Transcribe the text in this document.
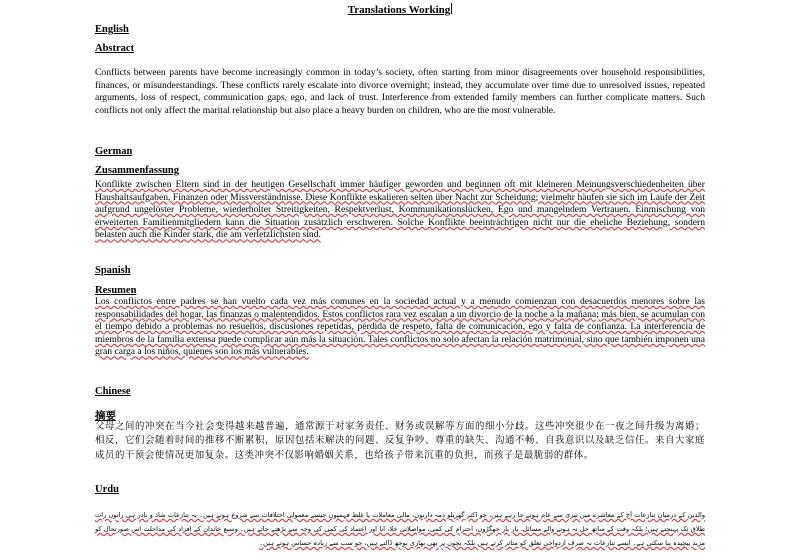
Translations Working
English
Abstract
Conflicts between parents have become increasingly common in today’s society, often starting from minor disagreements over household responsibilities, finances, or misunderstandings. These conflicts rarely escalate into divorce overnight; instead, they accumulate over time due to unresolved issues, repeated arguments, loss of respect, communication gaps, ego, and lack of trust. Interference from extended family members can further complicate matters. Such conflicts not only affect the marital relationship but also place a heavy burden on children, who are the most vulnerable.
German
Zusammenfassung
Konflikte zwischen Eltern sind in der heutigen Gesellschaft immer häufiger geworden und beginnen oft mit kleineren Meinungsverschiedenheiten über Haushaltsaufgaben, Finanzen oder Missverständnisse. Diese Konflikte eskalieren selten über Nacht zur Scheidung; vielmehr häufen sie sich im Laufe der Zeit aufgrund ungelöster Probleme, wiederholter Streitigkeiten, Respektverlust, Kommunikationslücken, Ego und mangelndem Vertrauen. Einmischung von erweiterten Familienmitgliedern kann die Situation zusätzlich erschweren. Solche Konflikte beeinträchtigen nicht nur die eheliche Beziehung, sondern belasten auch die Kinder stark, die am verletzlichsten sind.
Spanish
Resumen
Los conflictos entre padres se han vuelto cada vez más comunes en la sociedad actual y a menudo comienzan con desacuerdos menores sobre las responsabilidades del hogar, las finanzas o malentendidos. Estos conflictos rara vez escalan a un divorcio de la noche a la mañana; más bien, se acumulan con el tiempo debido a problemas no resueltos, discusiones repetidas, pérdida de respeto, falta de comunicación, ego y falta de confianza. La interferencia de miembros de la familia extensa puede complicar aún más la situación. Tales conflictos no solo afectan la relación matrimonial, sino que también imponen una gran carga a los niños, quienes son los más vulnerables.
Chinese
摘要
父母之间的冲突在当今社会变得越来越普遍，通常源于对家务责任、财务或误解等方面的细小分歧。这些冲突很少在一夜之间升级为离婚；相反，它们会随着时间的推移不断累积，原因包括未解决的问题、反复争吵、尊重的缺失、沟通不畅、自我意识以及缺乏信任。来自大家庭成员的干预会使情况更加复杂。这类冲突不仅影响婚姻关系，也给孩子带来沉重的负担，而孩子是最脆弱的群体。
Urdu
والدین کے درمیان تنازعات آج کے معاشرے میں تیزی سے عام ہوتے جا رہے ہیں، جو اکثر گھریلو ذمہ داریوں، مالی معاملات یا غلط فہمیوں جیسے معمولی اختلافات سے شروع ہوتے ہیں۔ یہ تنازعات شاذ و نادر ہی راتوں رات طلاق تک پہنچتے ہیں؛ بلکہ وقت کے ساتھ حل نہ ہونے والے مسائل، بار بار جھگڑوں، احترام کی کمی، مواصلاتی خلا، انا اور اعتماد کی کمی کی وجہ سے بڑھتے جاتے ہیں۔ وسیع خاندان کے افراد کی مداخلت اس صورتحال کو مزید پیچیدہ بنا سکتی ہے۔ ایسے تنازعات نہ صرف ازدواجی تعلق کو متاثر کرتے ہیں بلکہ بچوں پر بھی بھاری بوجھ ڈالتے ہیں، جو سب سے زیادہ حساس ہوتے ہیں۔
